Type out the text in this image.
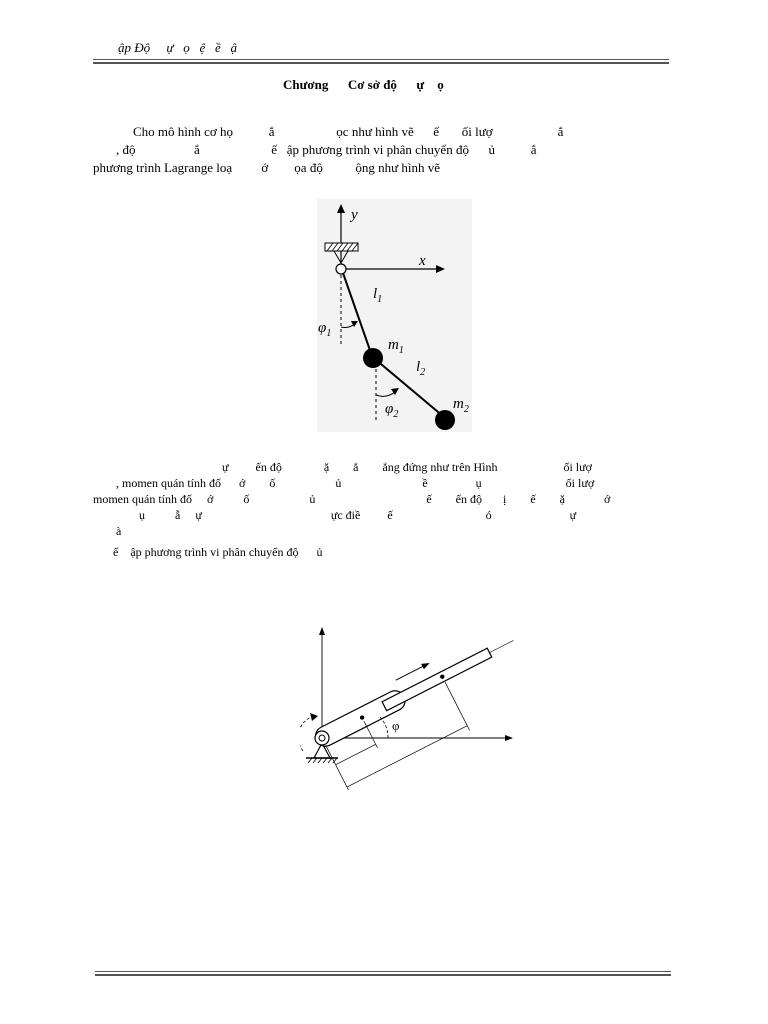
ập Độ     ự   ọ   ệ   ề   ậ
Chương      Cơ sở độ      ự    ọ
Cho mô hình cơ họ           ắ                   ọc như hình vẽ      ế       ối lượ                    ắ
, độ                  ắ                      ế   ập phương trình vi phân chuyển độ      ủ           ắ
phương trình Lagrange loạ         ớ        ọa độ          ộng như hình vẽ
y
x
$l_1$
$\varphi_1$
$m_1$
$l_2$
$\varphi_2$
$m_2$
ự         ển độ              ặ        ẳ        ẳng đứng như trên Hình                      ối lượ
, momen quán tính đố      ớ        ố                    ủ                           ề                ụ                            ối lượ
momen quán tính đố     ớ          ố                    ủ                                     ế        ển độ       ị        ế        ặ             ớ
ụ          ẫ     ự                                           ực điề         ế                               ó                          ự
à
ế    ập phương trình vi phân chuyển độ      ủ
φ
